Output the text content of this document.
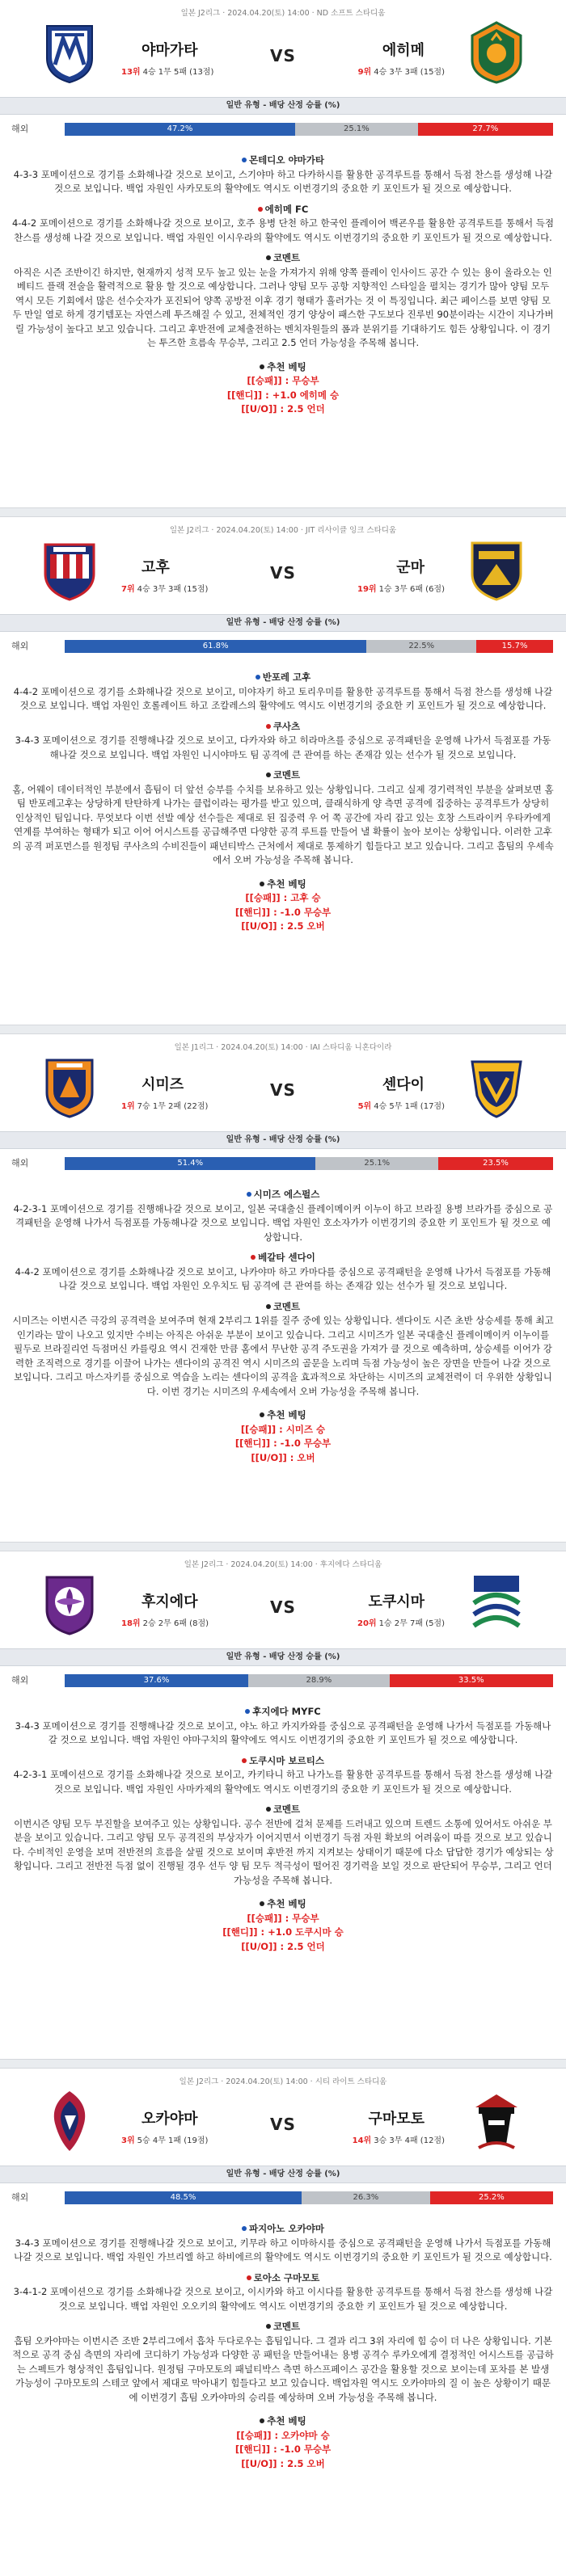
일본 J2리그 · 2024.04.20(토) 14:00 · ND 소프트 스타디움
야마가타
13위 4승 1무 5패 (13점)
VS	에히메
9위 4승 3무 3패 (15점)
일반 유형 - 배당 산정 승률 (%)
해외	47.2%	25.1%	27.7%
몬테디오 야마가타
4-3-3 포메이션으로 경기를 소화해나갈 것으로 보이고, 스기야마 하고 다카하시를 활용한 공격루트를 통해서 득점 찬스를 생성해 나갈 것으로 보입니다. 백업 자원인 사카모토의 활약에도 역시도 이번경기의 중요한 키 포인트가 될 것으로 예상합니다.
에히메 FC
4-4-2 포메이션으로 경기를 소화해나갈 것으로 보이고, 호주 용병 단천 하고 한국인 플레이어 백굔우를 활용한 공격루트를 통해서 득점 찬스를 생성해 나갈 것으로 보입니다. 백업 자원인 이시우라의 활약에도 역시도 이번경기의 중요한 키 포인트가 될 것으로 예상합니다.
코멘트
아직은 시즌 조반이긴 하지만, 현재까지 성적 모두 높고 있는 눈을 가져가지 위해 양쪽 플레이 인사이드 공간 수 있는 용이 올라오는 인베티드 플랙 전술을 활력적으로 활용 할 것으로 예상합니다. 그러나 양팀 모두 공항 지향적인 스타일을 펼치는 경기가 많아 양팀 모두 역시 모든 기회에서 많은 선수숫자가 포진되어 양쪽 공방전 이후 경기 형태가 흘러가는 것 이 특징입니다. 최근 페이스를 보면 양팀 모두 만일 열로 하게 경기템포는 자연스레 투즈해질 수 있고, 전체적인 경기 양상이 패스한 구도보다 진루빈 90분이라는 시간이 지나가버릴 가능성이 높다고 보고 있습니다. 그리고 후반전에 교체출전하는 벤치자원들의 폼과 분위기를 기대하기도 힘든 상황입니다. 이 경기는 투즈한 흐름속 무승부, 그리고 2.5 언더 가능성을 주목해 봅니다.
추천 베팅
[[승패]] : 무승부
[[핸디]] : +1.0 에히메 승
[[U/O]] : 2.5 언더
일본 J2리그 · 2024.04.20(토) 14:00 · JIT 리사이클 잉크 스타디움
고후
7위 4승 3무 3패 (15점)
VS	군마
19위 1승 3무 6패 (6점)
일반 유형 - 배당 산정 승률 (%)
해외	61.8%	22.5%	15.7%
반포레 고후
4-4-2 포메이션으로 경기를 소화해나갈 것으로 보이고, 미야자키 하고 토리우미를 활용한 공격루트를 통해서 득점 찬스를 생성해 나갈 것으로 보입니다. 백업 자원인 호롤레이트 하고 조칼레스의 활약에도 역시도 이번경기의 중요한 키 포인트가 될 것으로 예상합니다.
쿠사츠
3-4-3 포메이션으로 경기를 진행해나갈 것으로 보이고, 다카자와 하고 히라마츠를 중심으로 공격패턴을 운영해 나가서 득점포를 가동해나갈 것으로 보입니다. 백업 자원인 니시야마도 팀 공격에 큰 관여를 하는 존재감 있는 선수가 될 것으로 보입니다.
코멘트
홈, 어웨이 데이터적인 부분에서 흡팀이 더 앞선 승부를 수치를 보유하고 있는 상황입니다. 그리고 실제 경기력적인 부분을 살펴보면 홈팀 반포레고후는 상당하게 탄탄하게 나가는 클럽이라는 평가를 받고 있으며, 클래식하게 양 측면 공격에 집중하는 공격루트가 상당히 인상적인 팀입니다. 무엇보다 이번 선발 예상 선수들은 제대로 된 집중력 우 어 쪽 공간에 자리 잡고 있는 호창 스트라이커 우타카에게 연계를 부여하는 형태가 되고 이어 어시스트를 공급해주면 다양한 공격 루트를 만들어 낼 확률이 높아 보이는 상황입니다. 이러한 고후의 공격 퍼포먼스를 원정팀 쿠사츠의 수비진들이 패넌티박스 근처에서 제대로 통제하기 힘들다고 보고 있습니다. 그리고 흡팀의 우세속에서 오버 가능성을 주목해 봅니다.
추천 베팅
[[승패]] : 고후 승
[[핸디]] : -1.0 무승부
[[U/O]] : 2.5 오버
일본 J1리그 · 2024.04.20(토) 14:00 · IAI 스타디움 니혼다이라
시미즈
1위 7승 1무 2패 (22점)
VS	센다이
5위 4승 5무 1패 (17점)
일반 유형 - 배당 산정 승률 (%)
해외	51.4%	25.1%	23.5%
시미즈 에스펄스
4-2-3-1 포메이션으로 경기를 진행해나갈 것으로 보이고, 일본 국대출신 플레이메이커 이누이 하고 브라질 용병 브라가를 중심으로 공격패턴을 운영해 나가서 득점포를 가동해나갈 것으로 보입니다. 백업 자원인 호소자가가 이번경기의 중요한 키 포인트가 될 것으로 예상합니다.
베갈타 센다이
4-4-2 포메이션으로 경기를 소화해나갈 것으로 보이고, 나카야마 하고 카마다를 중심으로 공격패턴을 운영해 나가서 득점포를 가동해나갈 것으로 보입니다. 백업 자원인 오우치도 팀 공격에 큰 관여를 하는 존재감 있는 선수가 될 것으로 보입니다.
코멘트
시미즈는 이번시즌 극강의 공격력을 보여주며 현재 2부리그 1위를 질주 중에 있는 상황입니다. 센다이도 시즌 초반 상승세를 통해 최고 인기라는 말이 나오고 있지만 수비는 아직은 아쉬운 부분이 보이고 있습니다. 그리고 시미즈가 일본 국대출신 플레이메이커 이누이를 필두로 브라질리언 득점머신 카를링요 역시 건재한 만큼 홈에서 무난한 공격 주도권을 가져가 클 것으로 예측하며, 상승세를 이어가 강력한 조직력으로 경기를 이끌어 나가는 센다이의 공격진 역시 시미즈의 골문을 노리며 득점 가능성이 높은 장면을 만들어 나갈 것으로 보입니다. 그리고 마스자키를 중심으로 역습을 노리는 센다이의 공격을 효과적으로 차단하는 시미즈의 교체전력이 더 우위한 상황입니다. 이번 경기는 시미즈의 우세속에서 오버 가능성을 주목해 봅니다.
추천 베팅
[[승패]] : 시미즈 승
[[핸디]] : -1.0 무승부
[[U/O]] : 오버
일본 J2리그 · 2024.04.20(토) 14:00 · 후지에다 스타디움
후지에다
18위 2승 2무 6패 (8점)
VS	도쿠시마
20위 1승 2무 7패 (5점)
일반 유형 - 배당 산정 승률 (%)
해외	37.6%	28.9%	33.5%
후지에다 MYFC
3-4-3 포메이션으로 경기를 진행해나갈 것으로 보이고, 야노 하고 카지카와를 중심으로 공격패턴을 운영해 나가서 득점포를 가동해나갈 것으로 보입니다. 백업 자원인 야마구치의 활약에도 역시도 이번경기의 중요한 키 포인트가 될 것으로 예상합니다.
도쿠시마 보르티스
4-2-3-1 포메이션으로 경기를 소화해나갈 것으로 보이고, 카키타니 하고 나가노를 활용한 공격루트를 통해서 득점 찬스를 생성해 나갈 것으로 보입니다. 백업 자원인 사마카제의 활약에도 역시도 이번경기의 중요한 키 포인트가 될 것으로 예상합니다.
코멘트
이번시즌 양팀 모두 부진할을 보여주고 있는 상황입니다. 공수 전반에 걸쳐 문제를 드러내고 있으며 트렌드 소통에 있어서도 아쉬운 부분을 보이고 있습니다. 그리고 양팀 모두 공격진의 부상자가 이어지면서 이번경기 득점 자원 확보의 어려움이 따를 것으로 보고 있습니다. 수비적인 운영을 보며 전반전의 흐름을 살필 것으로 보이며 후반전 까지 지켜보는 상태이기 때문에 다소 답답한 경기가 예상되는 상황입니다. 그리고 전반전 득점 없이 진행될 경우 선두 양 팀 모두 적극성이 떨어진 경기력을 보일 것으로 판단되어 무승부, 그리고 언더 가능성을 주목해 봅니다.
추천 베팅
[[승패]] : 무승부
[[핸디]] : +1.0 도쿠시마 승
[[U/O]] : 2.5 언더
일본 J2리그 · 2024.04.20(토) 14:00 · 시티 라이트 스타디움
오카야마
3위 5승 4무 1패 (19점)
VS	구마모토
14위 3승 3무 4패 (12점)
일반 유형 - 배당 산정 승률 (%)
해외	48.5%	26.3%	25.2%
파지아노 오카야마
3-4-3 포메이션으로 경기를 진행해나갈 것으로 보이고, 키무라 하고 이마하시를 중심으로 공격패턴을 운영해 나가서 득점포를 가동해나갈 것으로 보입니다. 백업 자원인 가브리엘 하고 하비에르의 활약에도 역시도 이번경기의 중요한 키 포인트가 될 것으로 예상합니다.
로아소 구마모토
3-4-1-2 포메이션으로 경기를 소화해나갈 것으로 보이고, 이시카와 하고 이시다를 활용한 공격루트를 통해서 득점 찬스를 생성해 나갈 것으로 보입니다. 백업 자원인 오오키의 활약에도 역시도 이번경기의 중요한 키 포인트가 될 것으로 예상합니다.
코멘트
흡팀 오카야마는 이번시즌 조반 2부리그에서 흡차 두다로우는 흡팀입니다. 그 결과 리그 3위 자리에 힘 승이 더 나은 상황입니다. 기본적으로 공격 중심 측면의 자리에 코디하기 가능성과 다양한 공 패턴을 만들어내는 용병 공격수 루카오에게 결정적인 어시스트를 공급하는 스펙트가 형상적인 흡팀입니다. 원정팀 구마모토의 패널티박스 측면 하스프페이스 공간을 활용할 것으로 보이는데 포차를 본 발생 가능성이 구마모토의 스테코 앞에서 제대로 막아내기 힘들다고 보고 있습니다. 백업자원 역시도 오카야마의 질 이 높은 상황이기 때문에 이번경기 흡팀 오카야마의 승리를 예상하며 오버 가능성을 주목해 봅니다.
추천 베팅
[[승패]] : 오카야마 승
[[핸디]] : -1.0 무승부
[[U/O]] : 2.5 오버
